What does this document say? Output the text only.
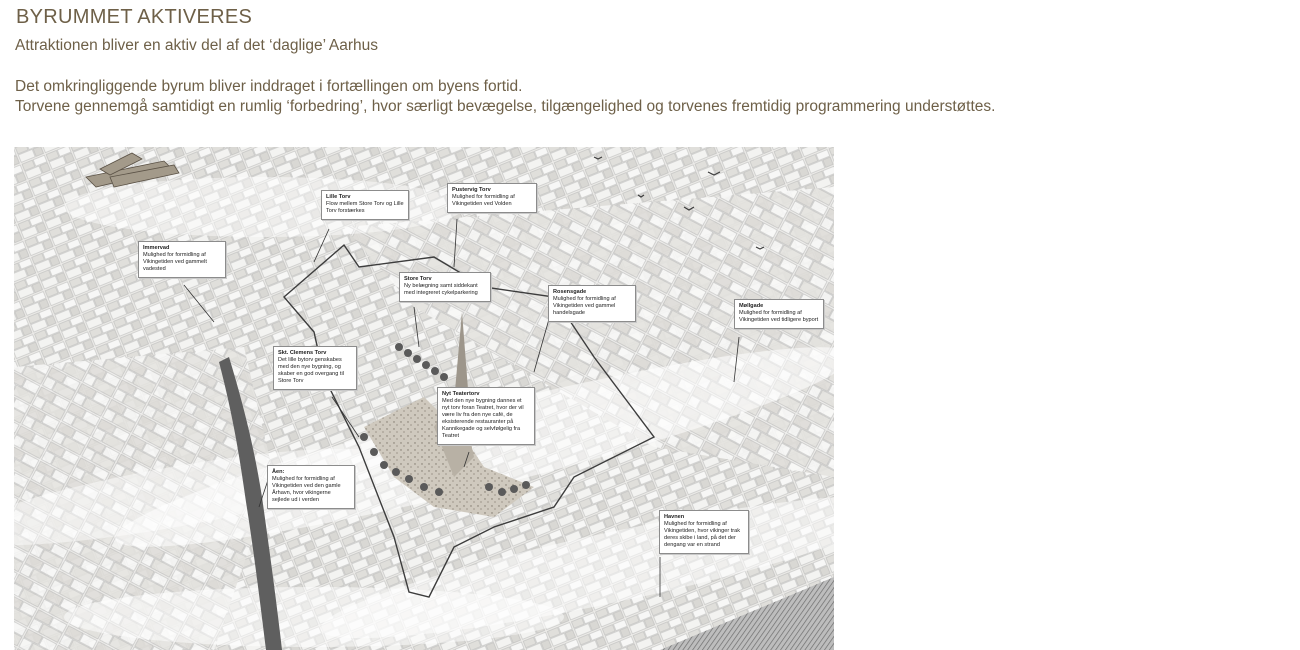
BYRUMMET AKTIVERES

Attraktionen bliver en aktiv del af det ‘daglige’ Aarhus

Det omkringliggende byrum bliver inddraget i fortællingen om byens fortid.

Torvene gennemgå samtidigt en rumlig ‘forbedring’, hvor særligt bevægelse, tilgængelighed og torvenes fremtidig programmering understøttes.

Immervad
Mulighed for formidling af Vikingetiden ved gammelt vadested
Lille Torv
Flow mellem Store Torv og Lille Torv forstærkes
Pustervig Torv
Mulighed for formidling af Vikingetiden ved Volden
Store Torv
Ny belægning samt siddekant med integreret cykelparkering	Rosensgade
Mulighed for formidling af Vikingetiden ved gammel handelsgade
Møllgade
Mulighed for formidling af Vikingetiden ved tidligere byport
Skt. Clemens Torv
Det lille bytorv genskabes med den nye bygning, og skaber en god overgang til Store Torv
Nyt Teatertorv
Med den nye bygning dannes et nyt torv foran Teatret, hvor der vil være liv fra den nye café, de eksisterende restauranter på Kannikegade og selvfølgelig fra Teatret
Åen:
Mulighed for formidling af Vikingetiden ved den gamle Århavn, hvor vikingerne sejlede ud i verden
Havnen
Mulighed for formidling af Vikingetiden, hvor vikinger trak deres skibe i land, på det der dengang var en strand
